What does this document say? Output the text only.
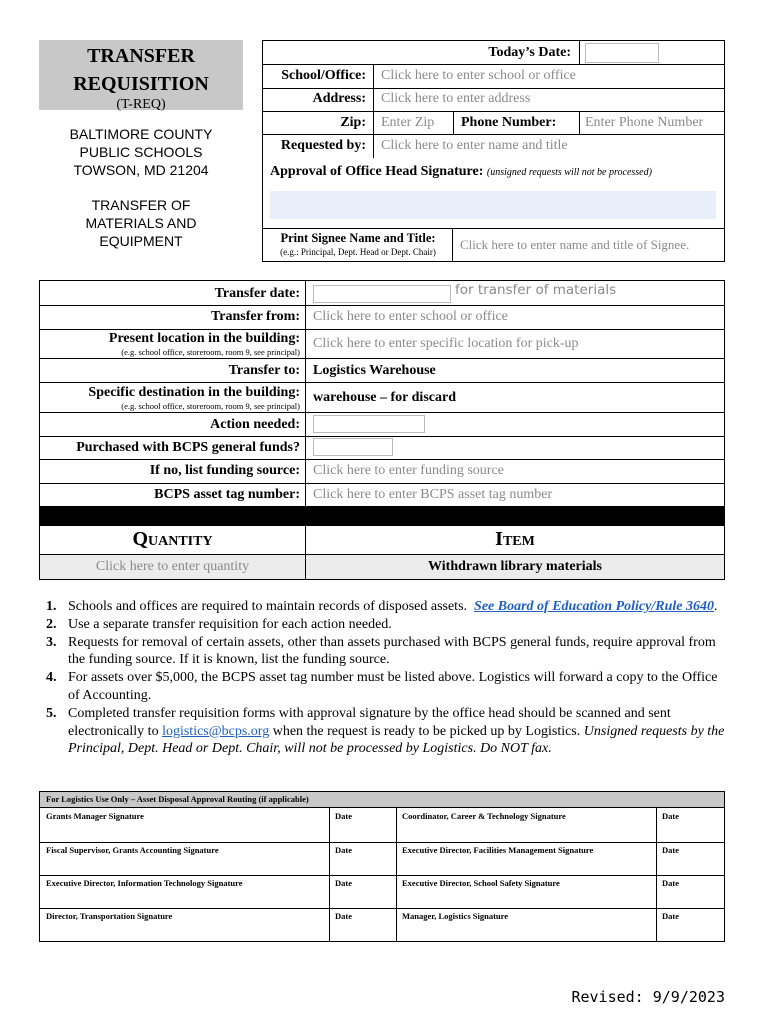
TRANSFER
REQUISITION
(T-REQ)
BALTIMORE COUNTY
PUBLIC SCHOOLS
TOWSON, MD 21204
TRANSFER OF
MATERIALS AND
EQUIPMENT
Today’s Date:
School/Office: Click here to enter school or office
Address: Click here to enter address
Zip: Enter Zip Phone Number: Enter Phone Number
Requested by: Click here to enter name and title
Approval of Office Head Signature: (unsigned requests will not be processed)
Print Signee Name and Title:
(e.g.: Principal, Dept. Head or Dept. Chair)	Click here to enter name and title of Signee.
Transfer date:	for transfer of materials
Transfer from: Click here to enter school or office
Present location in the building:
(e.g. school office, storeroom, room 9, see principal)
Click here to enter specific location for pick-up
Transfer to: Logistics Warehouse
Specific destination in the building:
(e.g. school office, storeroom, room 9, see principal)
warehouse – for discard
Action needed:
Purchased with BCPS general funds?
If no, list funding source: Click here to enter funding source
BCPS asset tag number: Click here to enter BCPS asset tag number
Quantity	Item
Click here to enter quantity	Withdrawn library materials
1. Schools and offices are required to maintain records of disposed assets. See Board of Education Policy/Rule 3640.
2. Use a separate transfer requisition for each action needed.
3. Requests for removal of certain assets, other than assets purchased with BCPS general funds, require approval from the funding source. If it is known, list the funding source.
4. For assets over $5,000, the BCPS asset tag number must be listed above. Logistics will forward a copy to the Office of Accounting.
5. Completed transfer requisition forms with approval signature by the office head should be scanned and sent electronically to logistics@bcps.org when the request is ready to be picked up by Logistics. Unsigned requests by the Principal, Dept. Head or Dept. Chair, will not be processed by Logistics. Do NOT fax.
For Logistics Use Only – Asset Disposal Approval Routing (if applicable)
Grants Manager Signature	Date	Coordinator, Career & Technology Signature	Date
Fiscal Supervisor, Grants Accounting Signature	Date	Executive Director, Facilities Management Signature	Date
Executive Director, Information Technology Signature	Date	Executive Director, School Safety Signature	Date
Director, Transportation Signature	Date	Manager, Logistics Signature	Date
Revised: 9/9/2023
